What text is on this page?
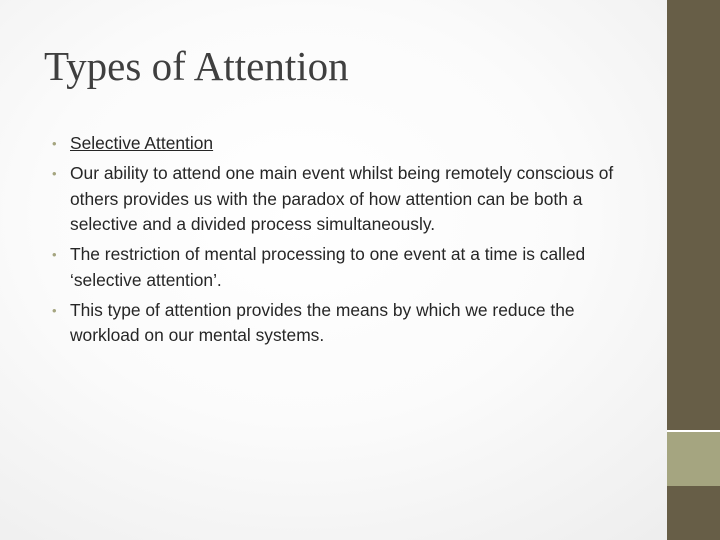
Types of Attention
• Selective Attention
• Our ability to attend one main event whilst being remotely conscious of others provides us with the paradox of how attention can be both a selective and a divided process simultaneously.
• The restriction of mental processing to one event at a time is called ‘selective attention’.
• This type of attention provides the means by which we reduce the workload on our mental systems.
